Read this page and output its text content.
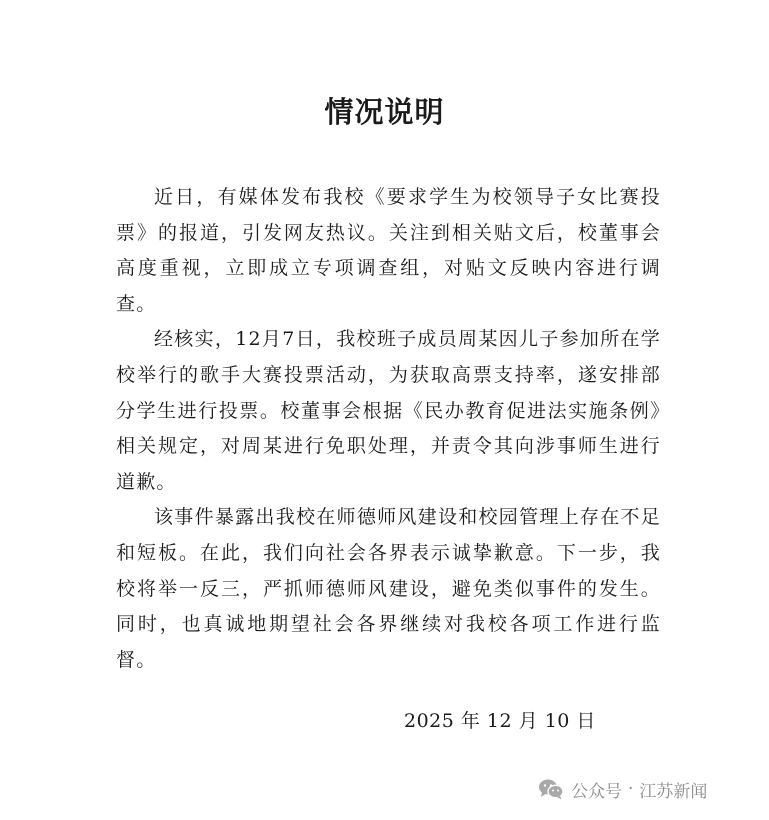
情况说明

近日，有媒体发布我校《要求学生为校领导子女比赛投票》的报道，引发网友热议。关注到相关贴文后，校董事会高度重视，立即成立专项调查组，对贴文反映内容进行调查。

经核实，12月7日，我校班子成员周某因儿子参加所在学校举行的歌手大赛投票活动，为获取高票支持率，遂安排部分学生进行投票。校董事会根据《民办教育促进法实施条例》相关规定，对周某进行免职处理，并责令其向涉事师生进行道歉。

该事件暴露出我校在师德师风建设和校园管理上存在不足和短板。在此，我们向社会各界表示诚挚歉意。下一步，我校将举一反三，严抓师德师风建设，避免类似事件的发生。同时，也真诚地期望社会各界继续对我校各项工作进行监督。

2025 年 12 月 10 日
公众号 · 江苏新闻
